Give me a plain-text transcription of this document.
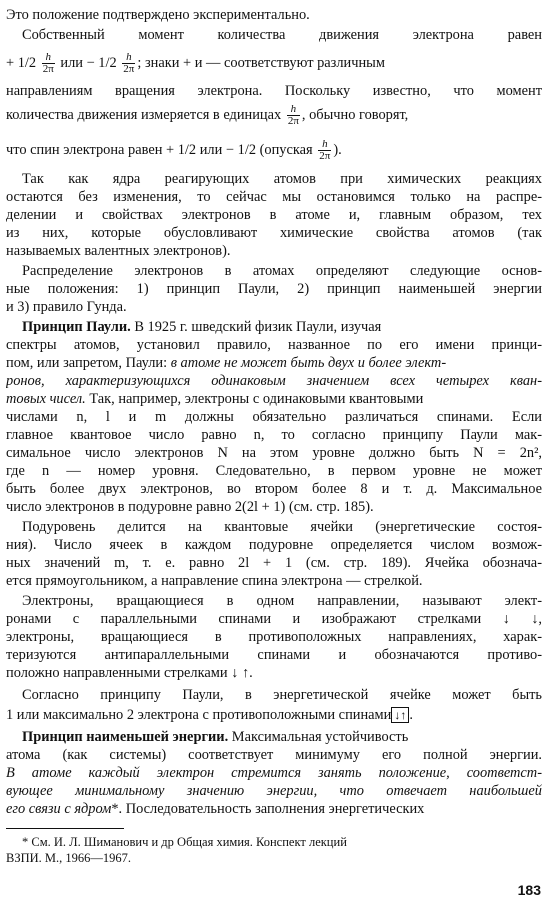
Это положение подтверждено экспериментально.
Собственный момент количества движения электрона равен
+ $1/2 \frac{h}{2\pi}$ или − $1/2 \frac{h}{2\pi}$ ; знаки + и — соответствуют различным
направлениям вращения электрона. Поскольку известно, что момент
количества движения измеряется в единицах $\frac{h}{2\pi}$ , обычно говорят,
что спин электрона равен + 1/2 или − 1/2 (опуская $\frac{h}{2\pi}$ ).
Так как ядра реагирующих атомов при химических реакциях
остаются без изменения, то сейчас мы остановимся только на распре-
делении и свойствах электронов в атоме и, главным образом, тех
из них, которые обусловливают химические свойства атомов (так
называемых валентных электронов).
Распределение электронов в атомах определяют следующие основ-
ные положения: 1) принцип Паули, 2) принцип наименьшей энергии
и 3) правило Гунда.
Принцип Паули. В 1925 г. шведский физик Паули, изучая
спектры атомов, установил правило, названное по его имени принци-
пом, или запретом, Паули: в атоме не может быть двух и более элект-
ронов, характеризующихся одинаковым значением всех четырех кван-
товых чисел. Так, например, электроны с одинаковыми квантовыми
числами n, l и m должны обязательно различаться спинами. Если
главное квантовое число равно n, то согласно принципу Паули мак-
симальное число электронов N на этом уровне должно быть N = 2n²,
где n — номер уровня. Следовательно, в первом уровне не может
быть более двух электронов, во втором более 8 и т. д. Максимальное
число электронов в подуровне равно 2(2l + 1) (см. стр. 185).
Подуровень делится на квантовые ячейки (энергетические состоя-
ния). Число ячеек в каждом подуровне определяется числом возмож-
ных значений m, т. е. равно 2l + 1 (см. стр. 189). Ячейка обознача-
ется прямоугольником, а направление спина электрона — стрелкой.
Электроны, вращающиеся в одном направлении, называют элект-
ронами с параллельными спинами и изображают стрелками ↓ ↓,
электроны, вращающиеся в противоположных направлениях, харак-
теризуются антипараллельными спинами и обозначаются противо-
положно направленными стрелками ↓ ↑.
Согласно принципу Паули, в энергетической ячейке может быть
1 или максимально 2 электрона с противоположными спинами ↓↑ .
Принцип наименьшей энергии. Максимальная устойчивость
атома (как системы) соответствует минимуму его полной энергии.
В атоме каждый электрон стремится занять положение, соответст-
вующее минимальному значению энергии, что отвечает наибольшей
его связи с ядром*. Последовательность заполнения энергетических
* См. И. Л. Шиманович и др Общая химия. Конспект лекций
ВЗПИ. М., 1966—1967.
183
